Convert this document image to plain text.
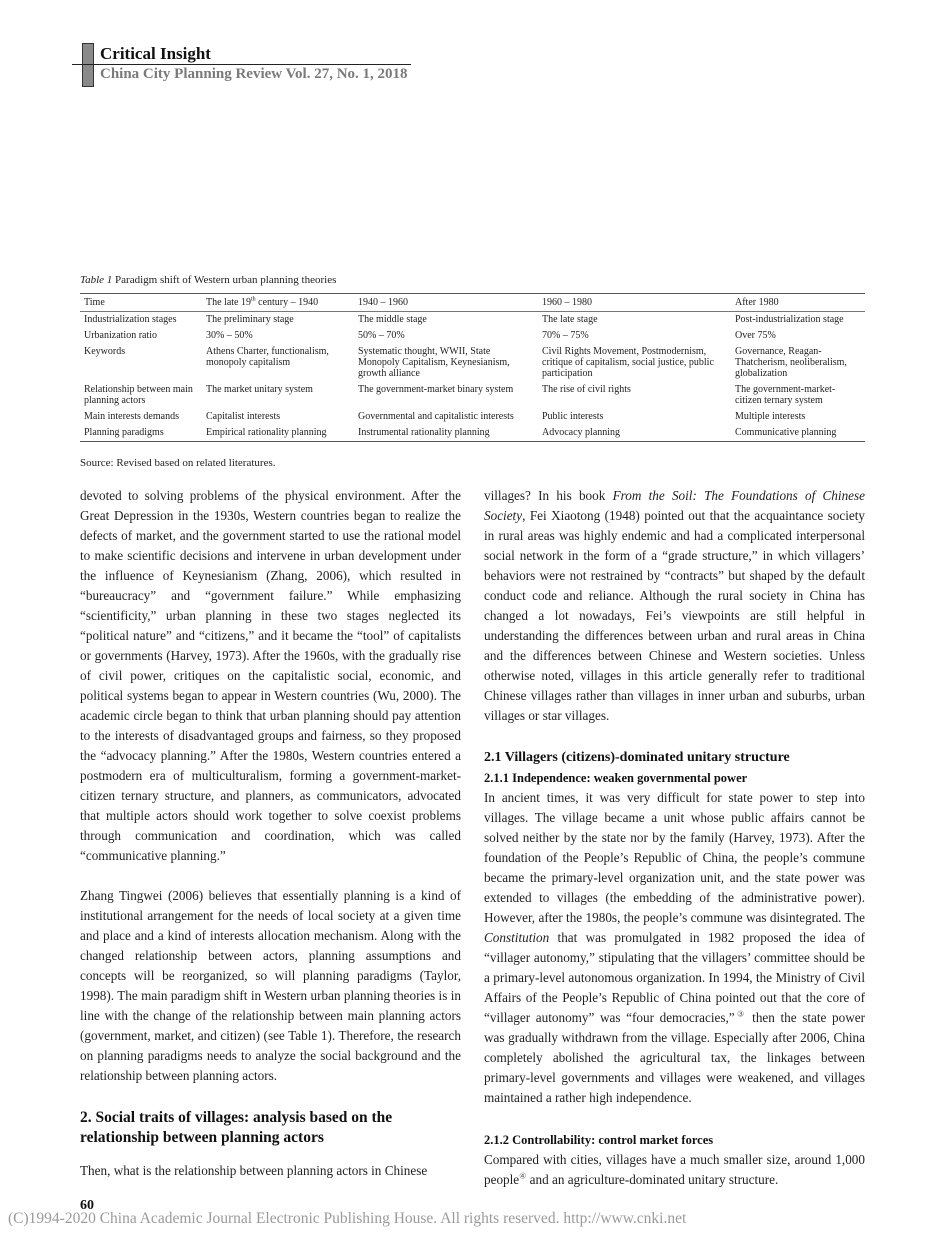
Critical Insight
China City Planning Review Vol. 27, No. 1, 2018
Table 1 Paradigm shift of Western urban planning theories
Time	The late 19th century – 1940	1940 – 1960	1960 – 1980	After 1980
Industrialization stages	The preliminary stage	The middle stage	The late stage	Post-industrialization stage
Urbanization ratio	30% – 50%	50% – 70%	70% – 75%	Over 75%
Keywords	Athens Charter, functionalism, monopoly capitalism	Systematic thought, WWII, State Monopoly Capitalism, Keynesianism, growth alliance	Civil Rights Movement, Postmodernism, critique of capitalism, social justice, public participation	Governance, Reagan-Thatcherism, neoliberalism, globalization
Relationship between main planning actors	The market unitary system	The government-market binary system	The rise of civil rights	The government-market-citizen ternary system
Main interests demands	Capitalist interests	Governmental and capitalistic interests	Public interests	Multiple interests
Planning paradigms	Empirical rationality planning	Instrumental rationality planning	Advocacy planning	Communicative planning
Source: Revised based on related literatures.

devoted to solving problems of the physical environment. After the Great Depression in the 1930s, Western countries began to realize the defects of market, and the government started to use the rational model to make scientific decisions and intervene in urban development under the influence of Keynesianism (Zhang, 2006), which resulted in “bureaucracy” and “government failure.” While emphasizing “scientificity,” urban planning in these two stages neglected its “political nature” and “citizens,” and it became the “tool” of capitalists or governments (Harvey, 1973). After the 1960s, with the gradually rise of civil power, critiques on the capitalistic social, economic, and political systems began to appear in Western countries (Wu, 2000). The academic circle began to think that urban planning should pay attention to the interests of disadvantaged groups and fairness, so they proposed the “advocacy planning.” After the 1980s, Western countries entered a postmodern era of multiculturalism, forming a government-market-citizen ternary structure, and planners, as communicators, advocated that multiple actors should work together to solve coexist problems through communication and coordination, which was called “communicative planning.”

Zhang Tingwei (2006) believes that essentially planning is a kind of institutional arrangement for the needs of local society at a given time and place and a kind of interests allocation mechanism. Along with the changed relationship between actors, planning assumptions and concepts will be reorganized, so will planning paradigms (Taylor, 1998). The main paradigm shift in Western urban planning theories is in line with the change of the relationship between main planning actors (government, market, and citizen) (see Table 1). Therefore, the research on planning paradigms needs to analyze the social background and the relationship between planning actors.

2. Social traits of villages: analysis based on the relationship between planning actors

Then, what is the relationship between planning actors in Chinese

villages? In his book From the Soil: The Foundations of Chinese Society, Fei Xiaotong (1948) pointed out that the acquaintance society in rural areas was highly endemic and had a complicated interpersonal social network in the form of a “grade structure,” in which villagers’ behaviors were not restrained by “contracts” but shaped by the default conduct code and reliance. Although the rural society in China has changed a lot nowadays, Fei’s viewpoints are still helpful in understanding the differences between urban and rural areas in China and the differences between Chinese and Western societies. Unless otherwise noted, villages in this article generally refer to traditional Chinese villages rather than villages in inner urban and suburbs, urban villages or star villages.

2.1 Villagers (citizens)-dominated unitary structure

2.1.1 Independence: weaken governmental power

In ancient times, it was very difficult for state power to step into villages. The village became a unit whose public affairs cannot be solved neither by the state nor by the family (Harvey, 1973). After the foundation of the People’s Republic of China, the people’s commune became the primary-level organization unit, and the state power was extended to villages (the embedding of the administrative power). However, after the 1980s, the people’s commune was disintegrated. The Constitution that was promulgated in 1982 proposed the idea of “villager autonomy,” stipulating that the villagers’ committee should be a primary-level autonomous organization. In 1994, the Ministry of Civil Affairs of the People’s Republic of China pointed out that the core of “villager autonomy” was “four democracies,”③ then the state power was gradually withdrawn from the village. Especially after 2006, China completely abolished the agricultural tax, the linkages between primary-level governments and villages were weakened, and villages maintained a rather high independence.

2.1.2 Controllability: control market forces

Compared with cities, villages have a much smaller size, around 1,000 people④ and an agriculture-dominated unitary structure.

60
(C)1994-2020 China Academic Journal Electronic Publishing House. All rights reserved. http://www.cnki.net
